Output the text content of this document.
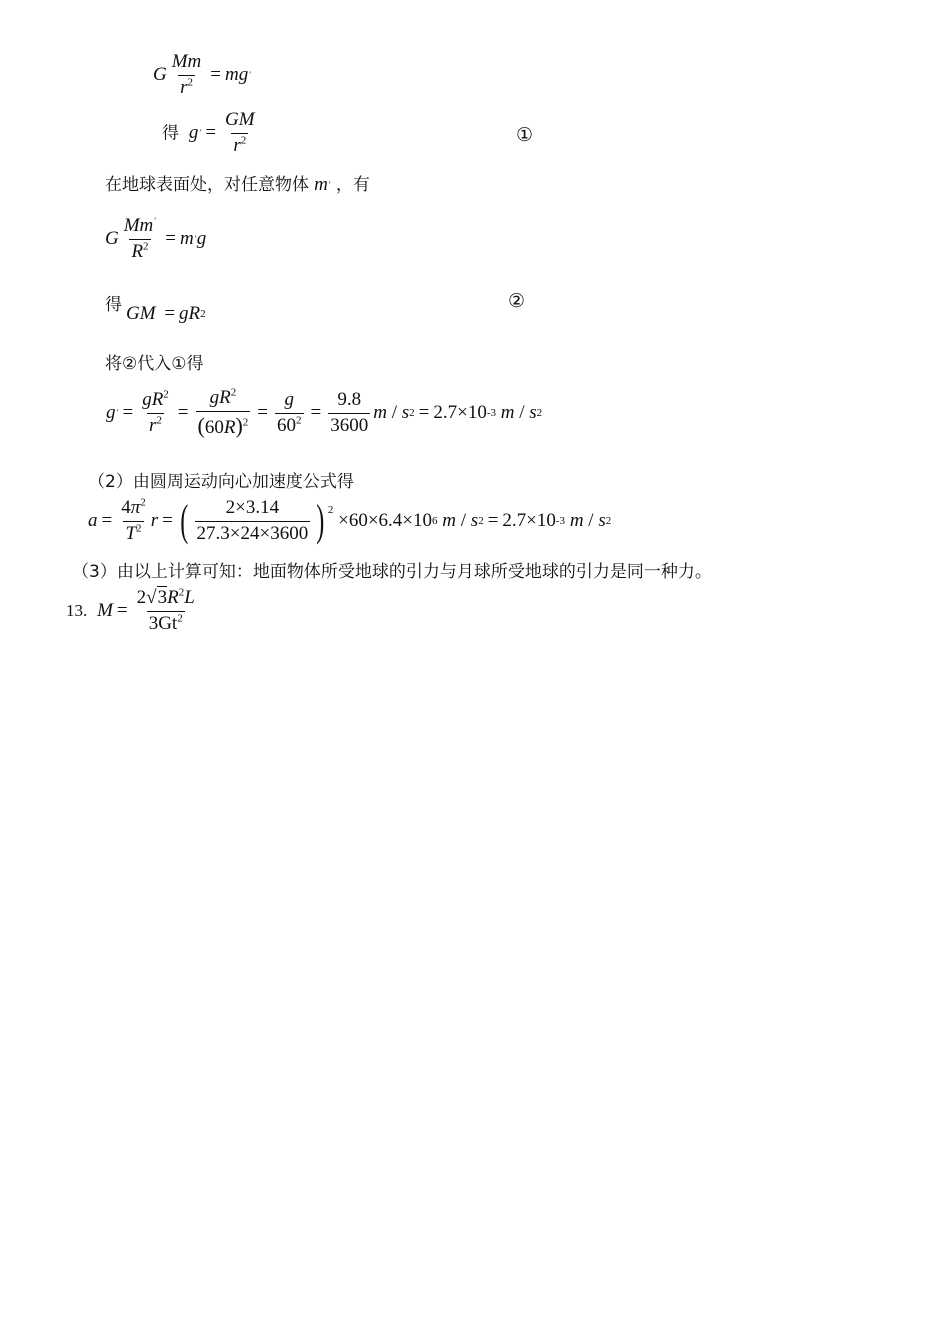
G $\frac{Mm}{r^2}$ = mg ′
得 g ′ = $\frac{GM}{r^2}$	①
在地球表面处，对任意物体 m ′ ，有
G $\frac{Mm'}{R^2} = m$ ′ g
得 GM = gR 2
②
将②代入①得
g ′ = $\frac{gR^2}{r^2} = \frac{gR^2}{(60R)^2} = \frac{g}{60^2} = \frac{9.8}{3600}$ m / s 2 = 2.7 ×10 -3
m / s 2
（2）由圆周运动向心加速度公式得
$a = \frac{4\pi^2}{T^2}$ r = ( $\frac{2\times 3.14}{27.3\times 24\times 3600}$ ) 2
×60×6.4×10 6
m / s 2 = 2.7 ×10 -3
m / s 2
（3）由以上计算可知：地面物体所受地球的引力与月球所受地球的引力是同一种力。
13. $M = \frac{2√3R^2L}{3Gt^2}$
